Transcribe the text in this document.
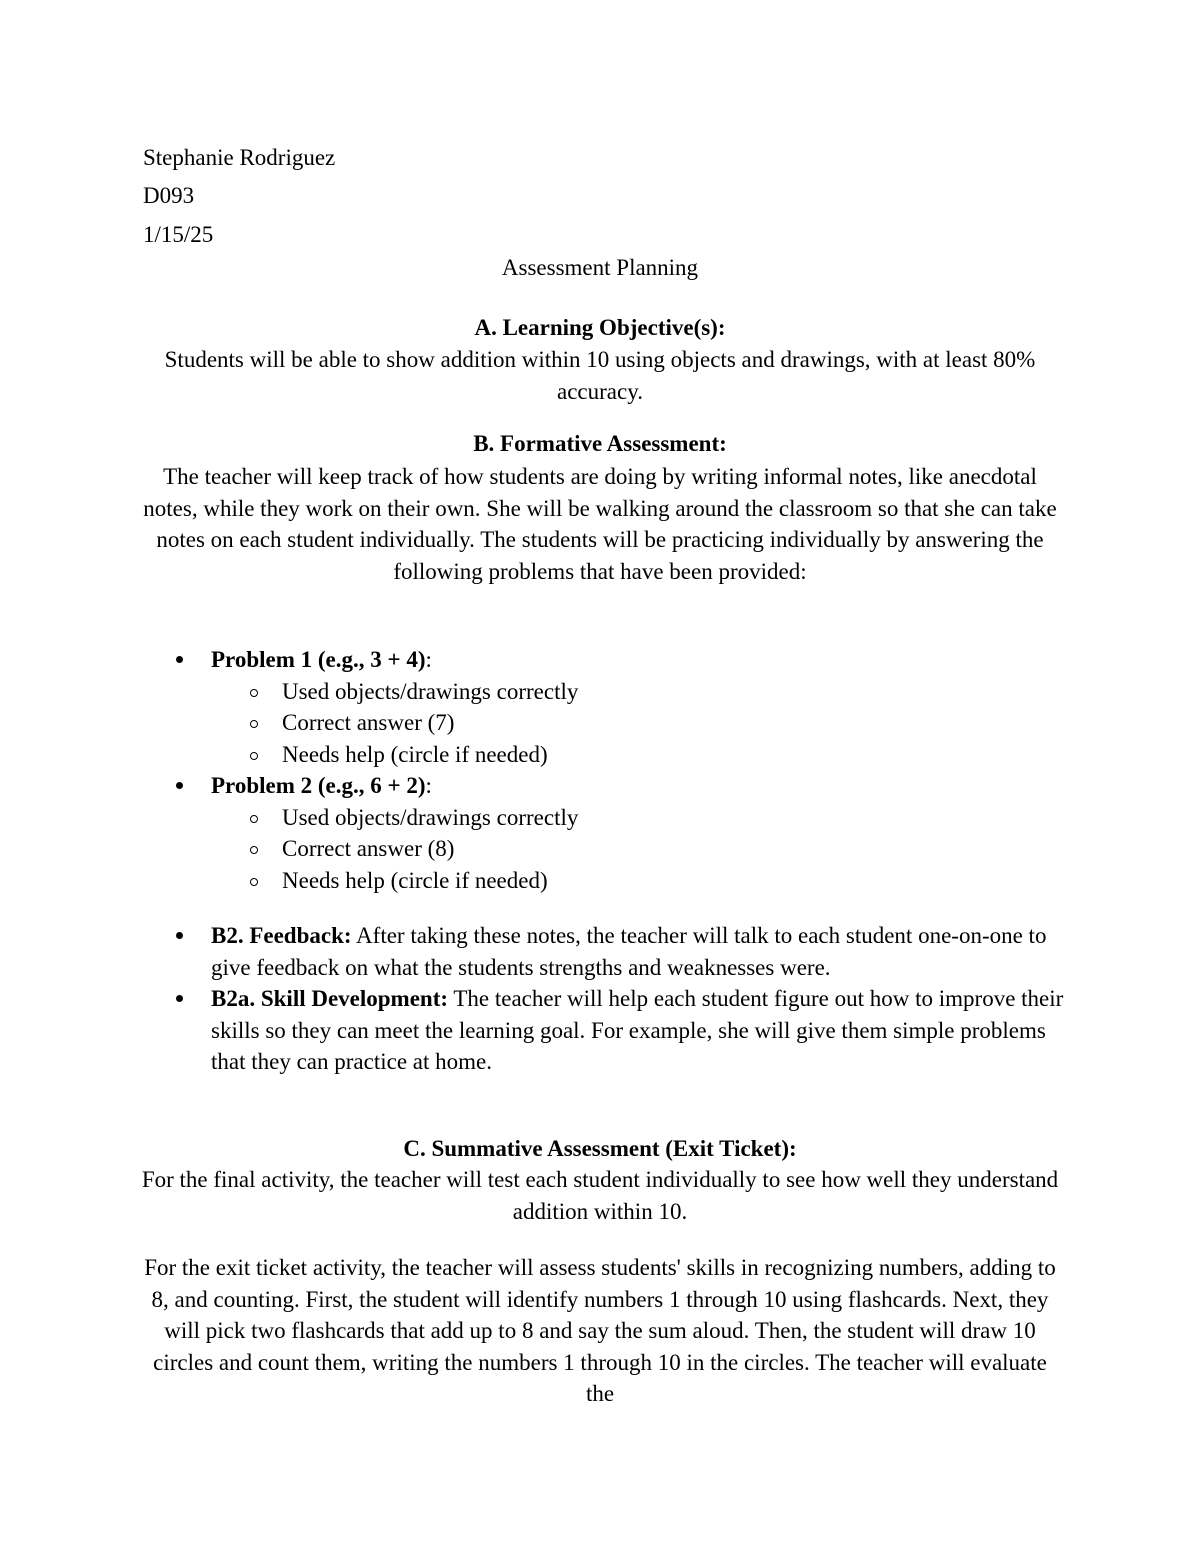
Stephanie Rodriguez

D093

1/15/25

Assessment Planning

A. Learning Objective(s):

Students will be able to show addition within 10 using objects and drawings, with at least 80% accuracy.

B. Formative Assessment:

The teacher will keep track of how students are doing by writing informal notes, like anecdotal notes, while they work on their own. She will be walking around the classroom so that she can take notes on each student individually. The students will be practicing individually by answering the following problems that have been provided:

Problem 1 (e.g., 3 + 4):
Used objects/drawings correctly
Correct answer (7)
Needs help (circle if needed)
Problem 2 (e.g., 6 + 2):
Used objects/drawings correctly
Correct answer (8)
Needs help (circle if needed)
B2. Feedback: After taking these notes, the teacher will talk to each student one-on-one to give feedback on what the students strengths and weaknesses were.
B2a. Skill Development: The teacher will help each student figure out how to improve their skills so they can meet the learning goal. For example, she will give them simple problems that they can practice at home.

C. Summative Assessment (Exit Ticket):

For the final activity, the teacher will test each student individually to see how well they understand addition within 10.

For the exit ticket activity, the teacher will assess students' skills in recognizing numbers, adding to 8, and counting. First, the student will identify numbers 1 through 10 using flashcards. Next, they will pick two flashcards that add up to 8 and say the sum aloud. Then, the student will draw 10 circles and count them, writing the numbers 1 through 10 in the circles. The teacher will evaluate the
